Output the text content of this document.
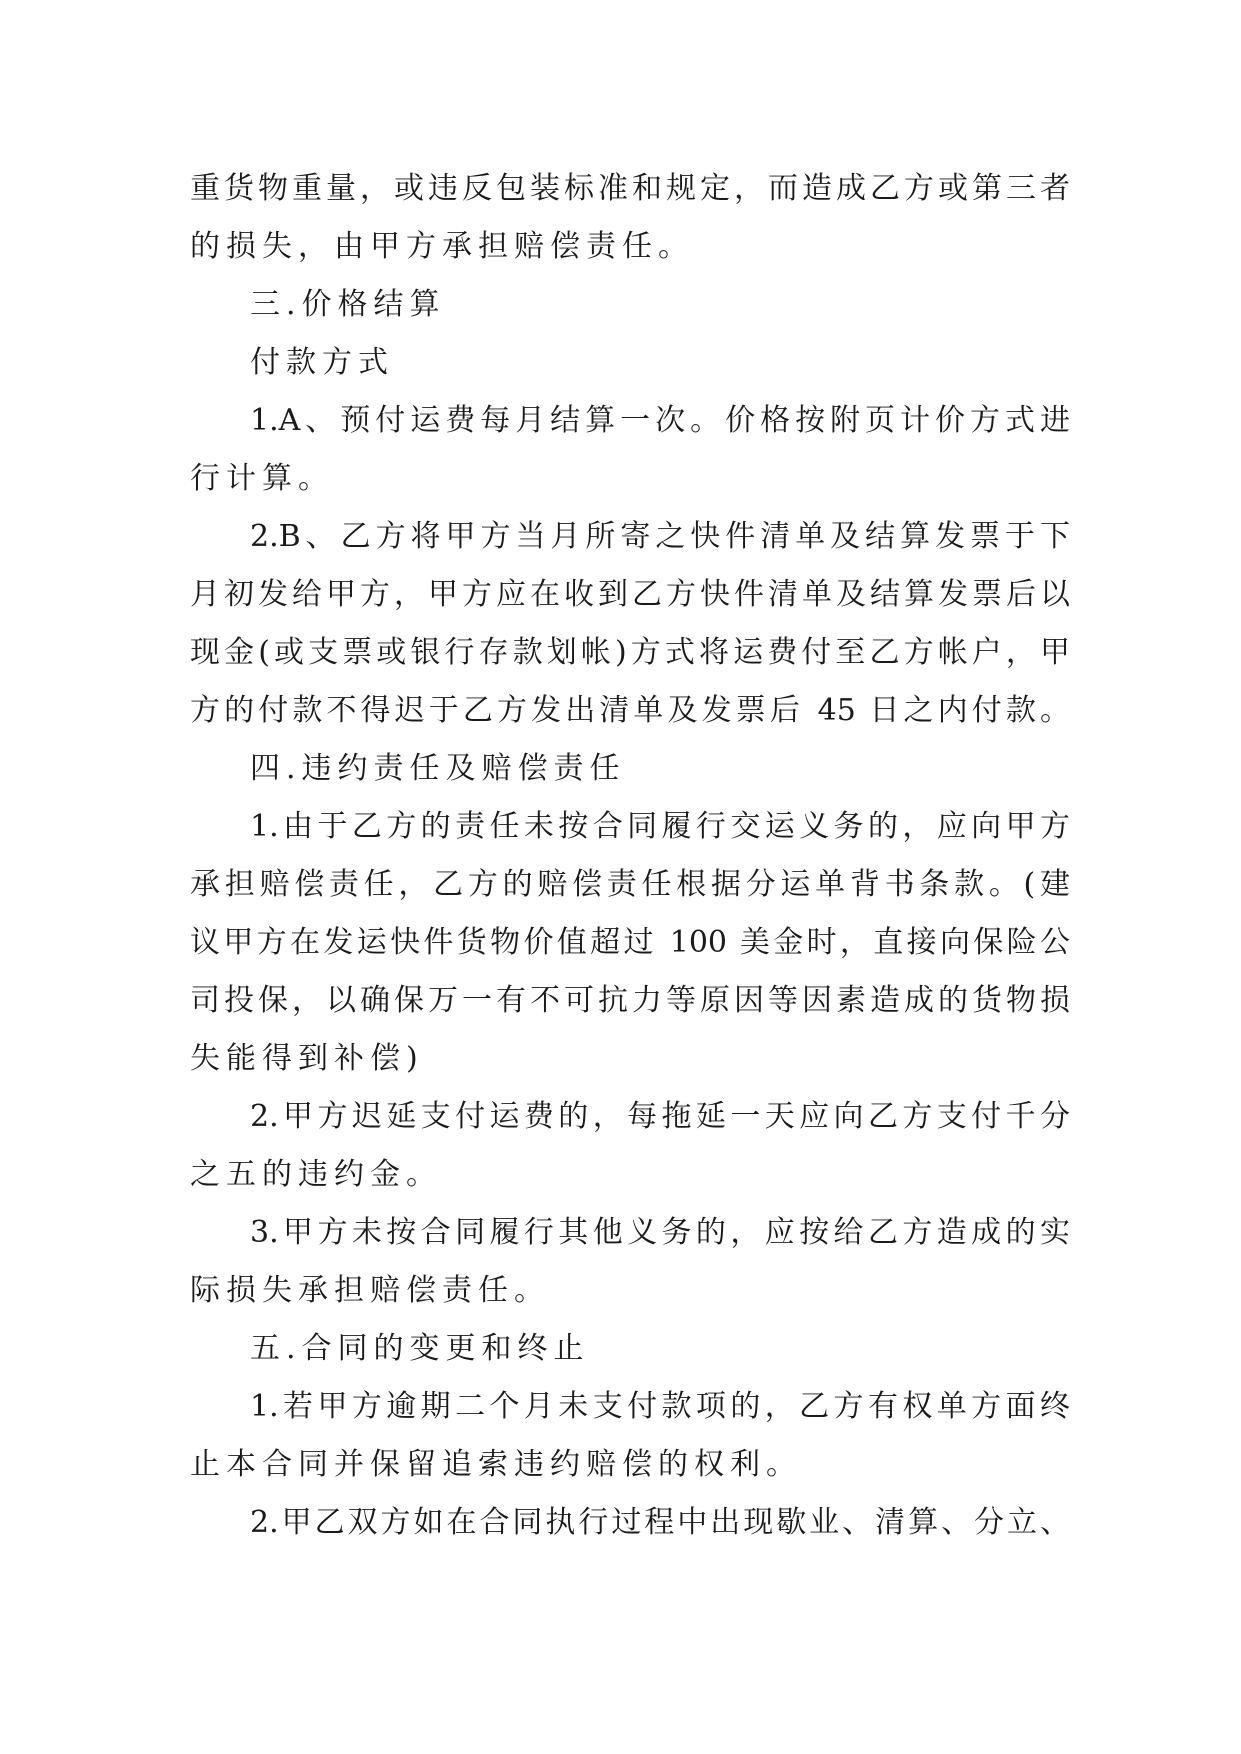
重货物重量，或违反包装标准和规定，而造成乙方或第三者
的损失，由甲方承担赔偿责任。
三.价格结算
付款方式
1.A、预付运费每月结算一次。价格按附页计价方式进
行计算。
2.B、乙方将甲方当月所寄之快件清单及结算发票于下
月初发给甲方，甲方应在收到乙方快件清单及结算发票后以
现金(或支票或银行存款划帐)方式将运费付至乙方帐户，甲
方的付款不得迟于乙方发出清单及发票后 45 日之内付款。
四.违约责任及赔偿责任
1.由于乙方的责任未按合同履行交运义务的，应向甲方
承担赔偿责任，乙方的赔偿责任根据分运单背书条款。(建
议甲方在发运快件货物价值超过 100 美金时，直接向保险公
司投保，以确保万一有不可抗力等原因等因素造成的货物损
失能得到补偿)
2.甲方迟延支付运费的，每拖延一天应向乙方支付千分
之五的违约金。
3.甲方未按合同履行其他义务的，应按给乙方造成的实
际损失承担赔偿责任。
五.合同的变更和终止
1.若甲方逾期二个月未支付款项的，乙方有权单方面终
止本合同并保留追索违约赔偿的权利。
2.甲乙双方如在合同执行过程中出现歇业、清算、分立、
